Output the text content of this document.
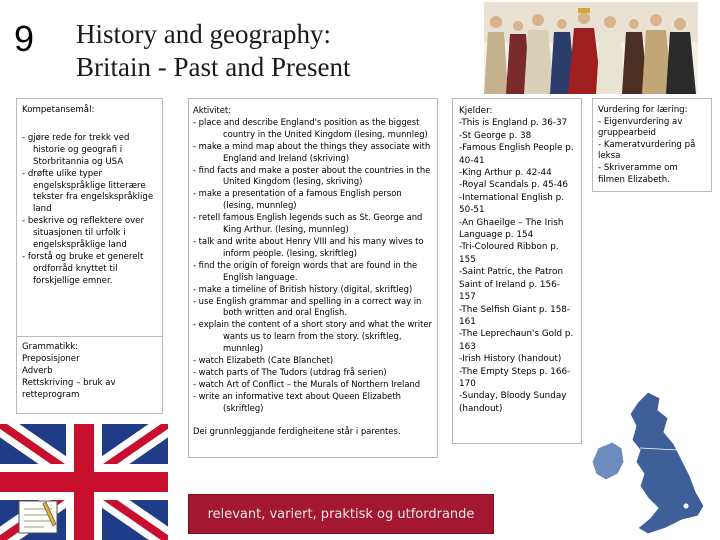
9 History and geography:
Britain - Past and Present

Kompetansemål:

- gjøre rede for trekk ved historie og geografi i Storbritannia og USA

- drøfte ulike typer engelskspråklige litterære tekster fra engelskspråklige land

- beskrive og reflektere over situasjonen til urfolk i engelskspråklige land

- forstå og bruke et generelt ordforråd knyttet til forskjellige emner.

Grammatikk:

Preposisjoner

Adverb

Rettskriving – bruk av retteprogram

Aktivitet:

- place and describe England's position as the biggest country in the United Kingdom (lesing, munnleg)

- make a mind map about the things they associate with England and Ireland (skriving)

- find facts and make a poster about the countries in the United Kingdom (lesing, skriving)

- make a presentation of a famous English person (lesing, munnleg)

- retell famous English legends such as St. George and King Arthur. (lesing, munnleg)

- talk and write about Henry VIII and his many wives to inform people. (lesing, skriftleg)

- find the origin of foreign words that are found in the English language.

- make a timeline of British history (digital, skriftleg)

- use English grammar and spelling in a correct way in both written and oral English.

- explain the content of a short story and what the writer wants us to learn from the story. (skriftleg, munnleg)

- watch Elizabeth (Cate Blanchet)

- watch parts of The Tudors (utdrag frå serien)

- watch Art of Conflict – the Murals of Northern Ireland

- write an informative text about Queen Elizabeth (skriftleg)

Dei grunnleggjande ferdigheitene står i parentes.

Kjelder:

-This is England p. 36-37

-St George p. 38

-Famous English People p. 40-41

-King Arthur p. 42-44

-Royal Scandals p. 45-46

-International English p. 50-51

-An Ghaeilge – The Irish Language p. 154

-Tri-Coloured Ribbon p. 155

-Saint Patric, the Patron Saint of Ireland p. 156-157

-The Selfish Giant p. 158-161

-The Leprechaun's Gold p. 163

-Irish History (handout)

-The Empty Steps p. 166-170

-Sunday, Bloody Sunday (handout)

Vurdering for læring:

- Eigenvurdering av gruppearbeid

- Kameratvurdering på leksa

- Skriveramme om filmen Elizabeth.

relevant, variert, praktisk og utfordrande
